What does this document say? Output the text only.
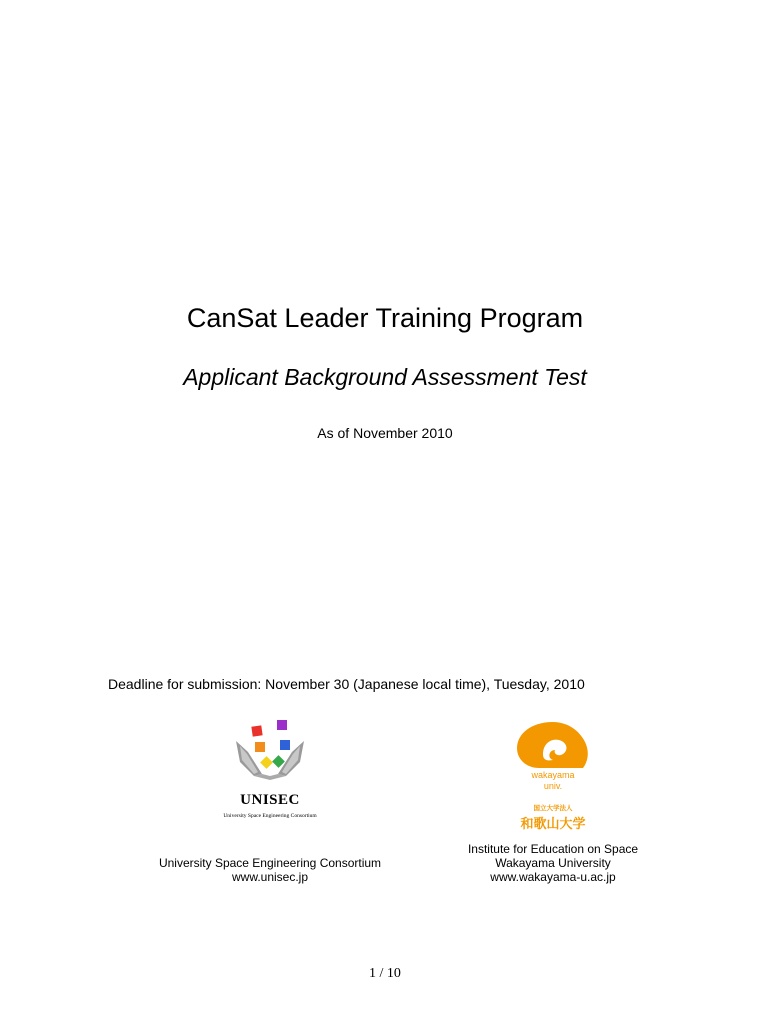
CanSat Leader Training Program
Applicant Background Assessment Test
As of November 2010
Deadline for submission: November 30 (Japanese local time), Tuesday, 2010
UNISEC
University Space Engineering Consortium
wakayama
univ.
国立大学法人
和歌山大学
University Space Engineering Consortium
www.unisec.jp
Institute for Education on Space
Wakayama University
www.wakayama-u.ac.jp
1 / 10
